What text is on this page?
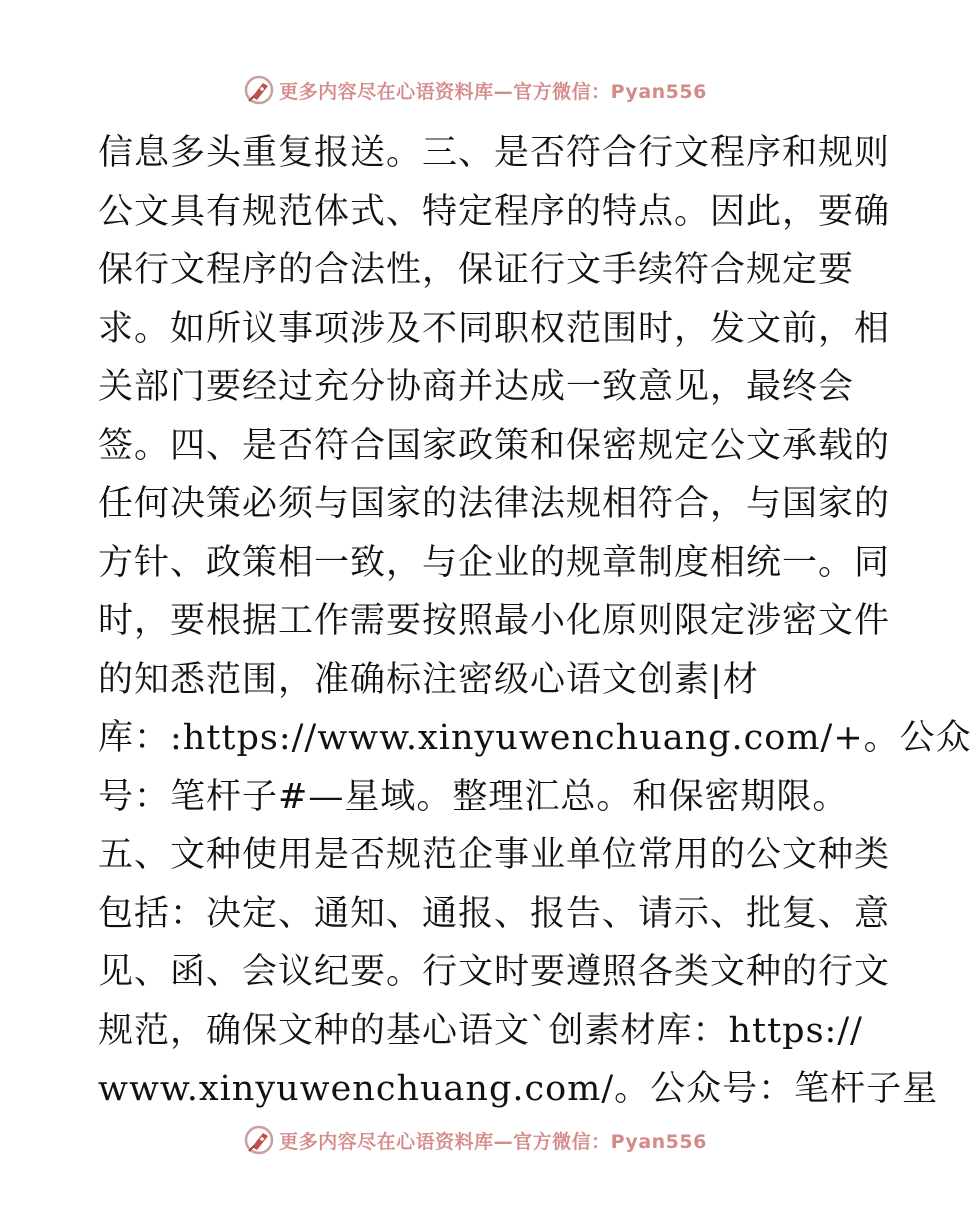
更多内容尽在心语资料库—官方微信：Pyan556
信息多头重复报送。三、是否符合行文程序和规则
公文具有规范体式、特定程序的特点。因此，要确
保行文程序的合法性，保证行文手续符合规定要
求。如所议事项涉及不同职权范围时，发文前，相
关部门要经过充分协商并达成一致意见，最终会
签。四、是否符合国家政策和保密规定公文承载的
任何决策必须与国家的法律法规相符合，与国家的
方针、政策相一致，与企业的规章制度相统一。同
时，要根据工作需要按照最小化原则限定涉密文件
的知悉范围，准确标注密级心语文创素|材
库：:https://www.xinyuwenchuang.com/+。公众
号：笔杆子#—星域。整理汇总。和保密期限。
五、文种使用是否规范企事业单位常用的公文种类
包括：决定、通知、通报、报告、请示、批复、意
见、函、会议纪要。行文时要遵照各类文种的行文
规范，确保文种的基心语文`创素材库：https://
www.xinyuwenchuang.com/。公众号：笔杆子星
更多内容尽在心语资料库—官方微信：Pyan556
